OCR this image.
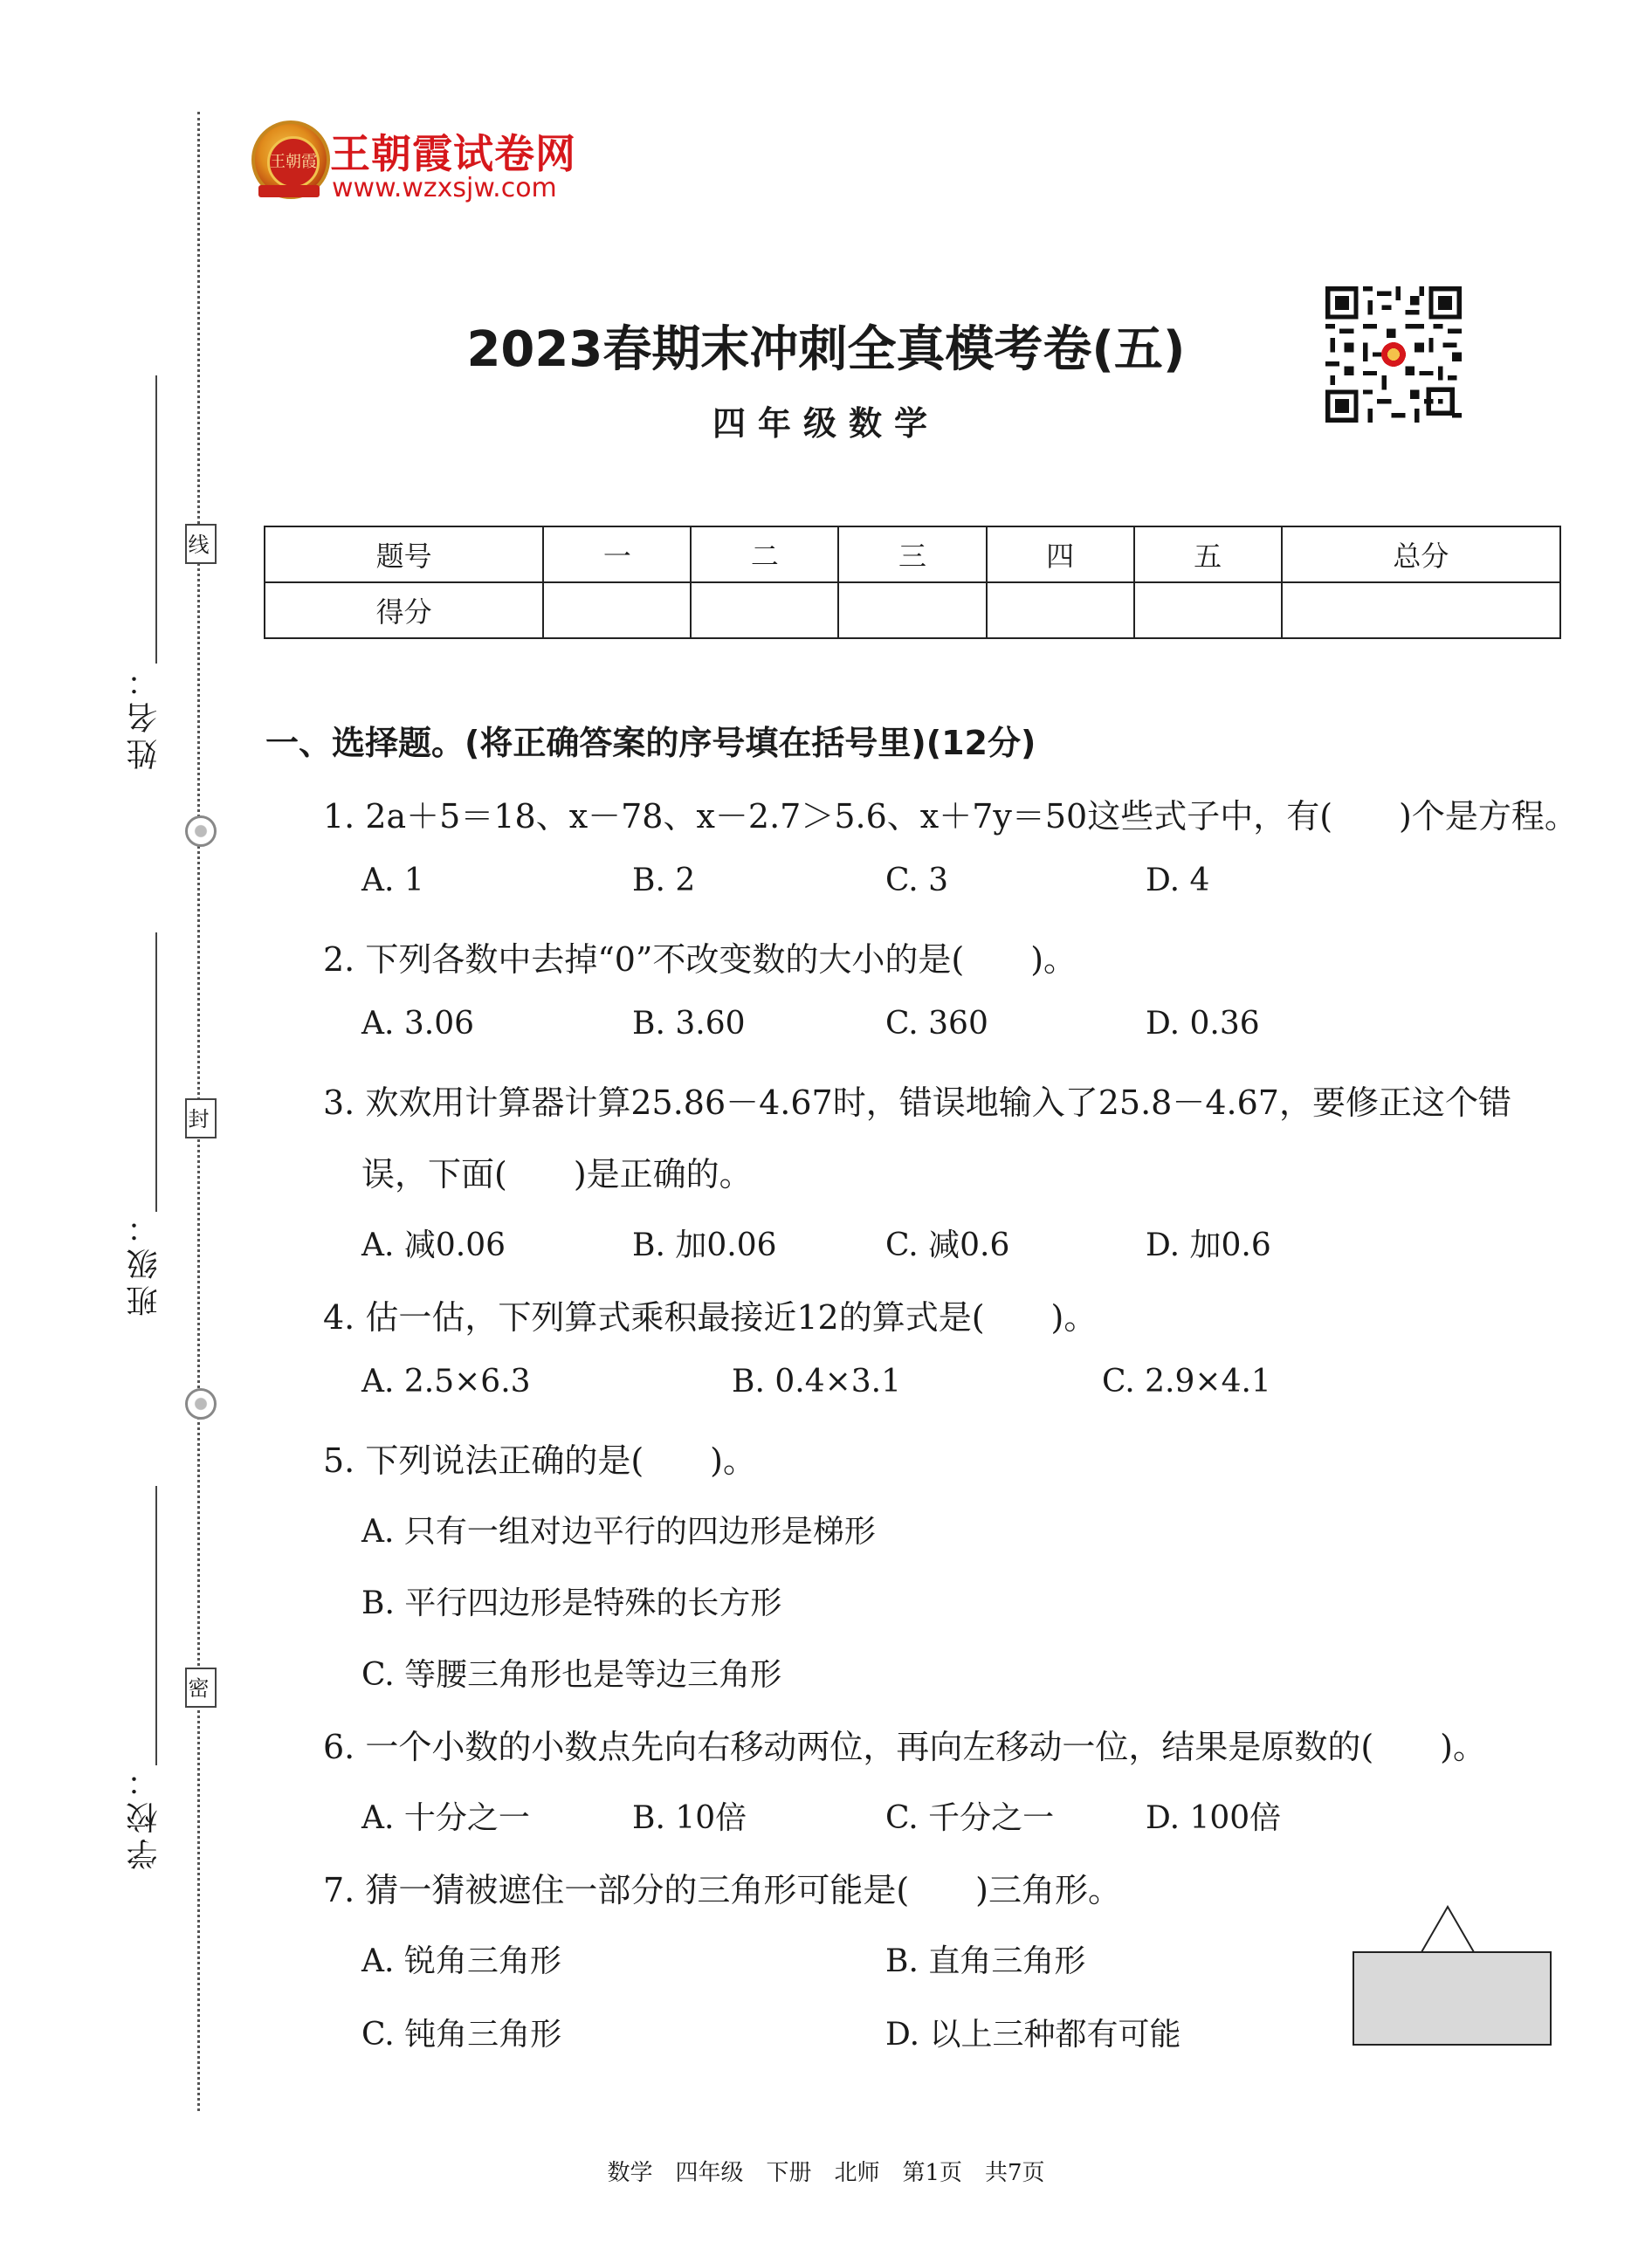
姓名：
线
班级：
封
学校：
密
王朝霞 王朝霞试卷网
www.wzxsjw.com
2023春期末冲刺全真模考卷(五)
四年级数学
题号	一	二	三	四	五	总分
得分						
一、选择题。(将正确答案的序号填在括号里)(12分)
1. 2a＋5＝18、x－78、x－2.7＞5.6、x＋7y＝50这些式子中，有(　　)个是方程。
A. 1	B. 2	C. 3	D. 4
2. 下列各数中去掉“0”不改变数的大小的是(　　)。
A. 3.06	B. 3.60	C. 360	D. 0.36
3. 欢欢用计算器计算25.86－4.67时，错误地输入了25.8－4.67，要修正这个错
误，下面(　　)是正确的。
A. 减0.06	B. 加0.06	C. 减0.6	D. 加0.6
4. 估一估，下列算式乘积最接近12的算式是(　　)。
A. 2.5×6.3	B. 0.4×3.1	C. 2.9×4.1
5. 下列说法正确的是(　　)。
A. 只有一组对边平行的四边形是梯形
B. 平行四边形是特殊的长方形
C. 等腰三角形也是等边三角形
6. 一个小数的小数点先向右移动两位，再向左移动一位，结果是原数的(　　)。
A. 十分之一	B. 10倍	C. 千分之一	D. 100倍
7. 猜一猜被遮住一部分的三角形可能是(　　)三角形。
A. 锐角三角形	B. 直角三角形
C. 钝角三角形	D. 以上三种都有可能
数学　四年级　下册　北师　第1页　共7页
